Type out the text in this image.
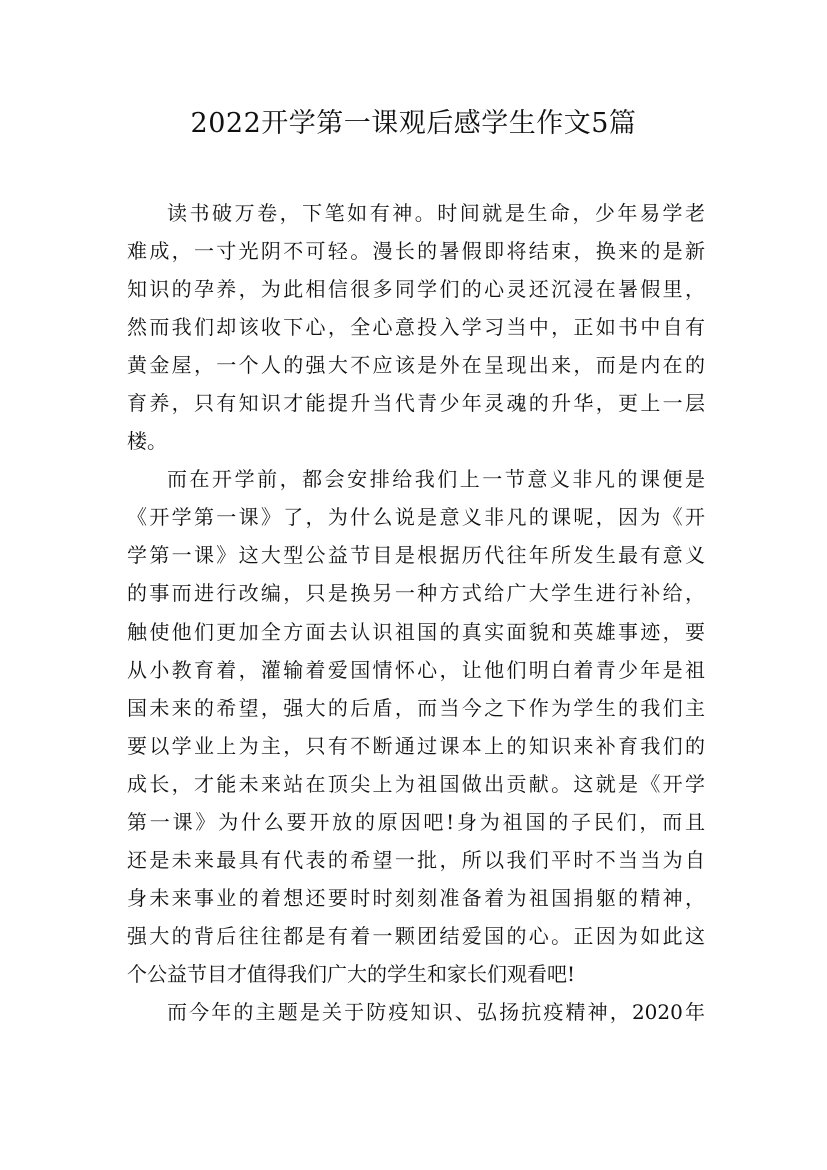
2022开学第一课观后感学生作文5篇
读书破万卷，下笔如有神。时间就是生命，少年易学老
难成，一寸光阴不可轻。漫长的暑假即将结束，换来的是新
知识的孕养，为此相信很多同学们的心灵还沉浸在暑假里，
然而我们却该收下心，全心意投入学习当中，正如书中自有
黄金屋，一个人的强大不应该是外在呈现出来，而是内在的
育养，只有知识才能提升当代青少年灵魂的升华，更上一层
楼。
而在开学前，都会安排给我们上一节意义非凡的课便是
《开学第一课》了，为什么说是意义非凡的课呢，因为《开
学第一课》这大型公益节目是根据历代往年所发生最有意义
的事而进行改编，只是换另一种方式给广大学生进行补给，
触使他们更加全方面去认识祖国的真实面貌和英雄事迹，要
从小教育着，灌输着爱国情怀心，让他们明白着青少年是祖
国未来的希望，强大的后盾，而当今之下作为学生的我们主
要以学业上为主，只有不断通过课本上的知识来补育我们的
成长，才能未来站在顶尖上为祖国做出贡献。这就是《开学
第一课》为什么要开放的原因吧!身为祖国的子民们，而且
还是未来最具有代表的希望一批，所以我们平时不当当为自
身未来事业的着想还要时时刻刻准备着为祖国捐躯的精神，
强大的背后往往都是有着一颗团结爱国的心。正因为如此这
个公益节目才值得我们广大的学生和家长们观看吧!
而今年的主题是关于防疫知识、弘扬抗疫精神，2020年
